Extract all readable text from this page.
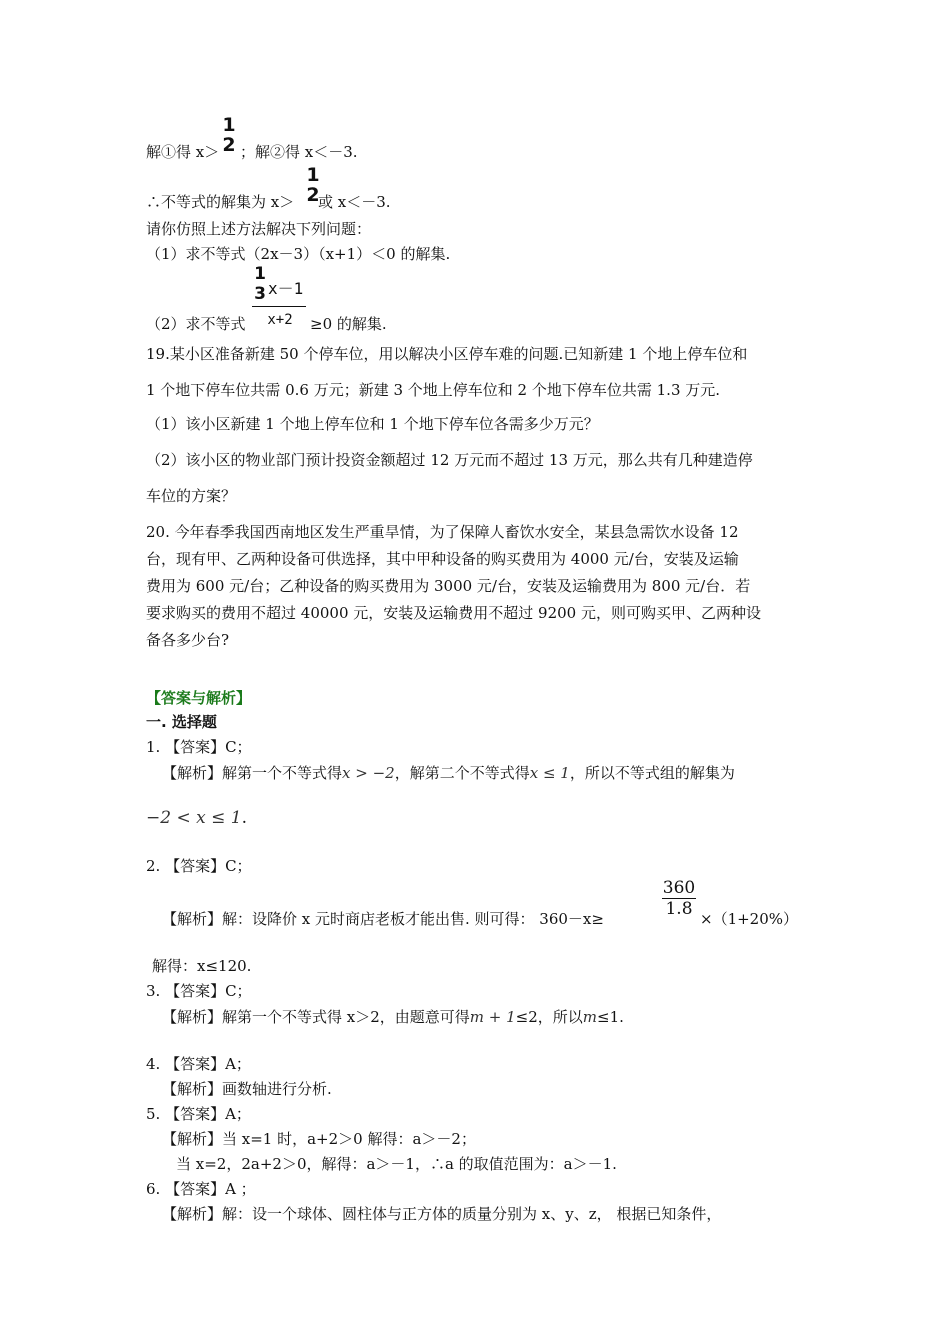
解①得 x＞
1
2 ；解②得 x＜－3.
∴不等式的解集为 x＞
1
2
或 x＜－3.
请你仿照上述方法解决下列问题：
（1）求不等式（2x－3）（x+1）＜0 的解集.
（2）求不等式
1
3 x－1
x+2	≥0 的解集.
19.某小区准备新建 50 个停车位，用以解决小区停车难的问题.已知新建 1 个地上停车位和
1 个地下停车位共需 0.6 万元；新建 3 个地上停车位和 2 个地下停车位共需 1.3 万元.
（1）该小区新建 1 个地上停车位和 1 个地下停车位各需多少万元？
（2）该小区的物业部门预计投资金额超过 12 万元而不超过 13 万元，那么共有几种建造停
车位的方案？
20. 今年春季我国西南地区发生严重旱情，为了保障人畜饮水安全，某县急需饮水设备 12
台，现有甲、乙两种设备可供选择，其中甲种设备的购买费用为 4000 元/台，安装及运输
费用为 600 元/台；乙种设备的购买费用为 3000 元/台，安装及运输费用为 800 元/台．若
要求购买的费用不超过 40000 元，安装及运输费用不超过 9200 元，则可购买甲、乙两种设
备各多少台?
【答案与解析】
一. 选择题
1. 【答案】C；
【解析】解第一个不等式得x > −2，解第二个不等式得x ≤ 1，所以不等式组的解集为
−2 < x ≤ 1.
2. 【答案】C；
【解析】解：设降价 x 元时商店老板才能出售. 则可得： 360－x≥
360
1.8 ×（1+20%）
解得：x≤120.
3. 【答案】C；
【解析】解第一个不等式得 x＞2，由题意可得m + 1≤2，所以m≤1.
4. 【答案】A；
【解析】画数轴进行分析.
5. 【答案】A；
【解析】当 x=1 时，a+2＞0 解得：a＞－2；
当 x=2，2a+2＞0，解得：a＞－1，∴a 的取值范围为：a＞－1.
6. 【答案】A ；
【解析】解：设一个球体、圆柱体与正方体的质量分别为 x、y、z， 根据已知条件，
